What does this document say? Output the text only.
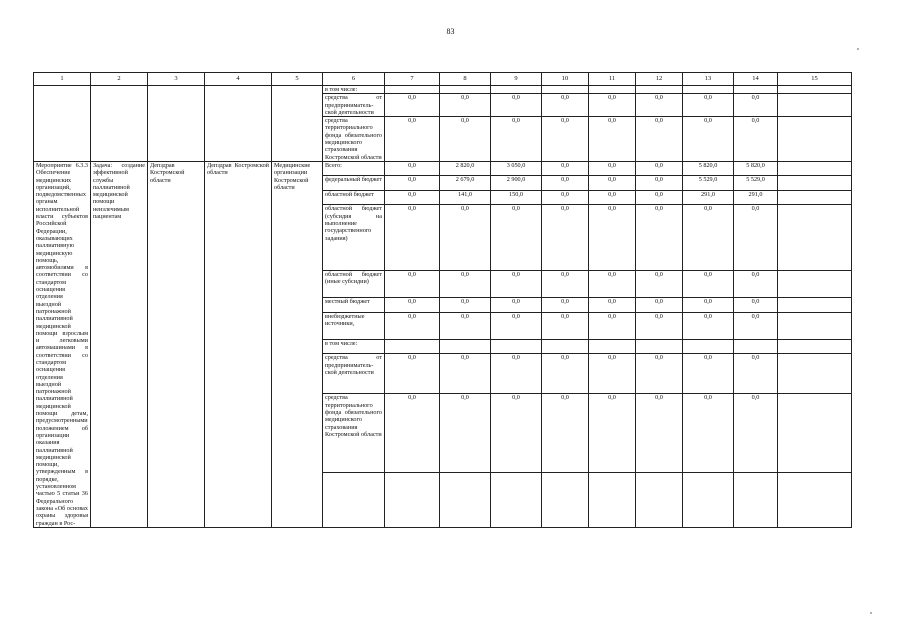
83
1	2	3	4	5	6	7	8	9	10	11	12	13	14	15
					в том числе:									
					средства от предпринимательской деятельности	0,0	0,0	0,0	0,0	0,0	0,0	0,0	0,0	
					средства территориального фонда обязательного медицинского страхования Костромской области	0,0	0,0	0,0	0,0	0,0	0,0	0,0	0,0	
Мероприятие 6.3.3 Обеспечение медицинских организаций, подведомственных органам исполнительной власти субъектов Российской Федерации, оказывающих паллиативную медицинскую помощь, автомобилями в соответствии со стандартом оснащения отделения выездной патронажной паллиативной медицинской помощи взрослым и легковыми автомашинами в соответствии со стандартом оснащения отделения выездной патронажной паллиативной медицинской помощи детам, предусмотренными положением об организации оказания паллиативной медицинской помощи, утвержденным в порядке, установленном частью 5 статьи 36 Федерального закона «Об основах охраны здоровья граждан в Рос-	Задача: создание эффективной службы паллиативной медицинской помощи неизлечимым пациентам	Депздрав Костромской области	Депздрав Костромской области	Медицинские организации Костромской области	Всего:	0,0	2 820,0	3 050,0	0,0	0,0	0,0	5 820,0	5 820,0	
					федеральный бюджет	0,0	2 679,0	2 900,0	0,0	0,0	0,0	5 529,0	5 529,0	
					областной бюджет	0,0	141,0	150,0	0,0	0,0	0,0	291,0	291,0	
					областной бюджет (субсидия на выполнение государственного задания)	0,0	0,0	0,0	0,0	0,0	0,0	0,0	0,0	
					областной бюджет (иные субсидии)	0,0	0,0	0,0	0,0	0,0	0,0	0,0	0,0	
					местный бюджет	0,0	0,0	0,0	0,0	0,0	0,0	0,0	0,0	
					внебюджетные источники,	0,0	0,0	0,0	0,0	0,0	0,0	0,0	0,0	
					в том числе:									
					средства от предпринимательской деятельности	0,0	0,0	0,0	0,0	0,0	0,0	0,0	0,0	
					средства территориального фонда обязательного медицинского страхования Костромской области	0,0	0,0	0,0	0,0	0,0	0,0	0,0	0,0	
